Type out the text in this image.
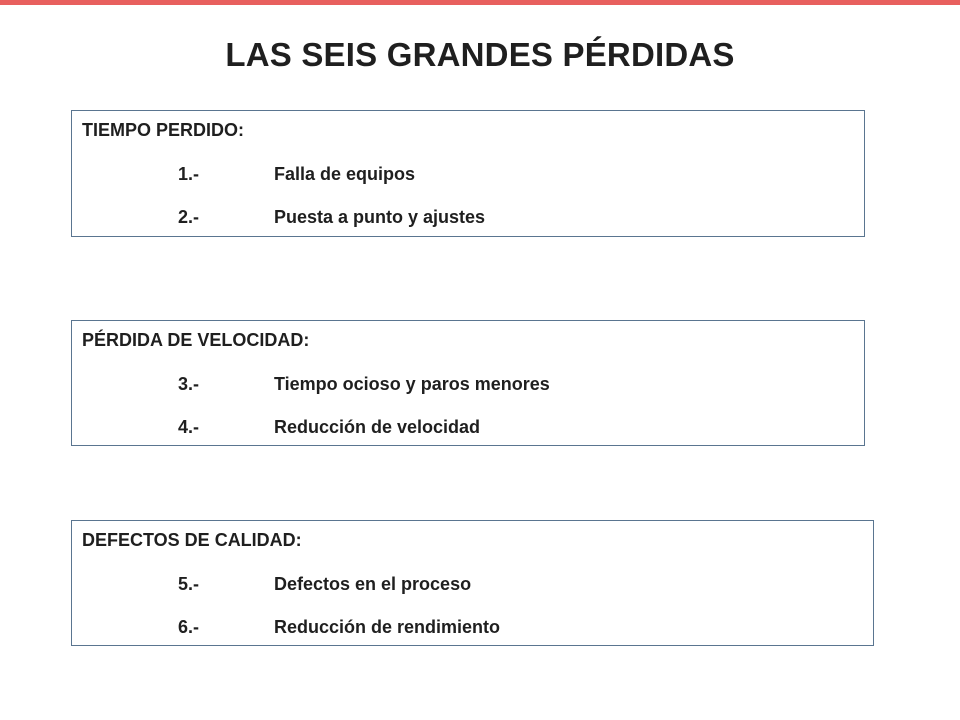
LAS SEIS GRANDES PÉRDIDAS
TIEMPO PERDIDO:
1.-	Falla de equipos
2.-	Puesta a punto y ajustes
PÉRDIDA DE VELOCIDAD:
3.-	Tiempo ocioso y paros menores
4.-	Reducción de velocidad
DEFECTOS DE CALIDAD:
5.-	Defectos en el proceso
6.-	Reducción de rendimiento
